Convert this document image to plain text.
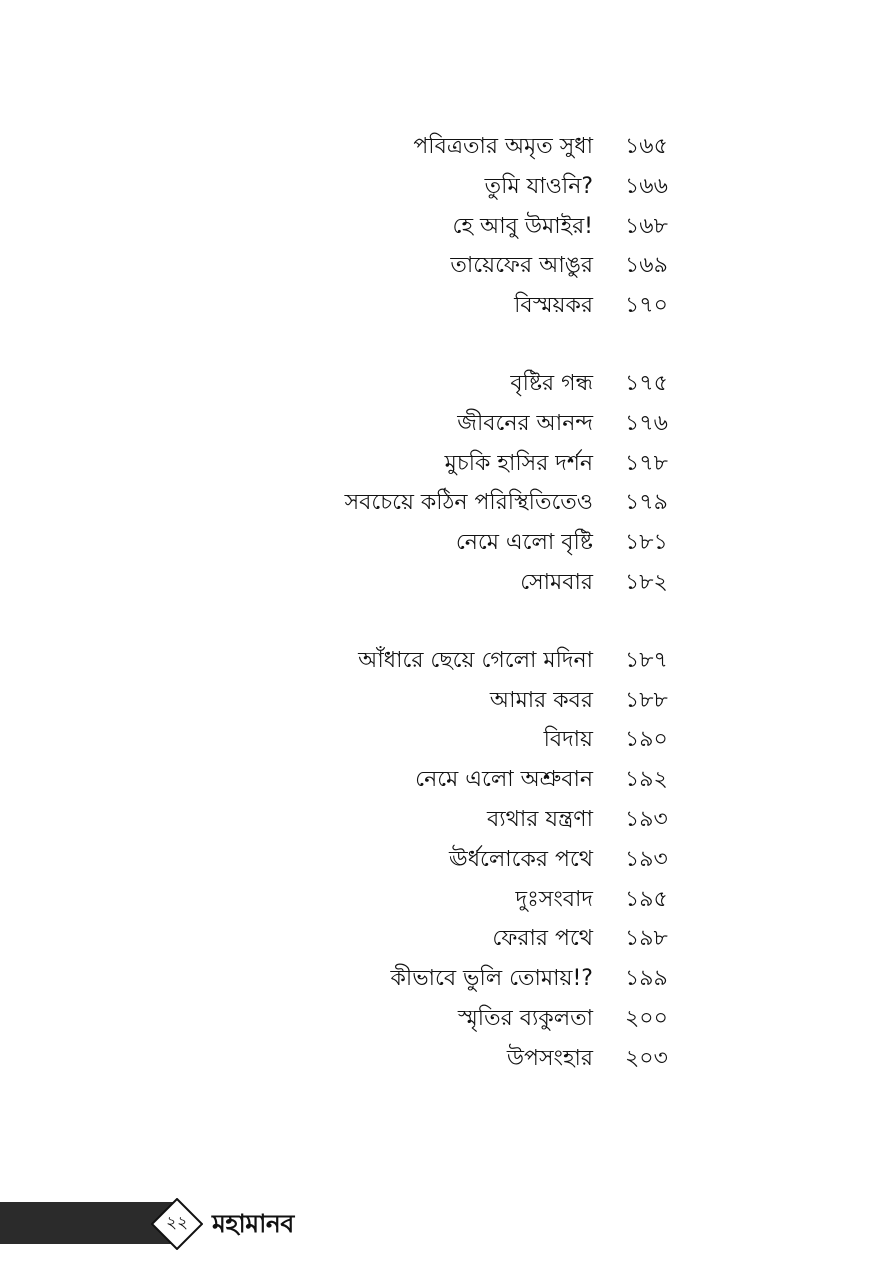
পবিত্রতার অমৃত সুধা ১৬৫
তুমি যাওনি? ১৬৬
হে আবু উমাইর! ১৬৮
তায়েফের আঙুর ১৬৯
বিস্ময়কর ১৭০
বৃষ্টির গন্ধ ১৭৫
জীবনের আনন্দ ১৭৬
মুচকি হাসির দর্শন ১৭৮
সবচেয়ে কঠিন পরিস্থিতিতেও ১৭৯
নেমে এলো বৃষ্টি ১৮১
সোমবার ১৮২
আঁধারে ছেয়ে গেলো মদিনা ১৮৭
আমার কবর ১৮৮
বিদায় ১৯০
নেমে এলো অশ্রুবান ১৯২
ব্যথার যন্ত্রণা ১৯৩
ঊর্ধলোকের পথে ১৯৩
দুঃসংবাদ ১৯৫
ফেরার পথে ১৯৮
কীভাবে ভুলি তোমায়!? ১৯৯
স্মৃতির ব্যকুলতা ২০০
উপসংহার ২০৩
২২ মহামানব
